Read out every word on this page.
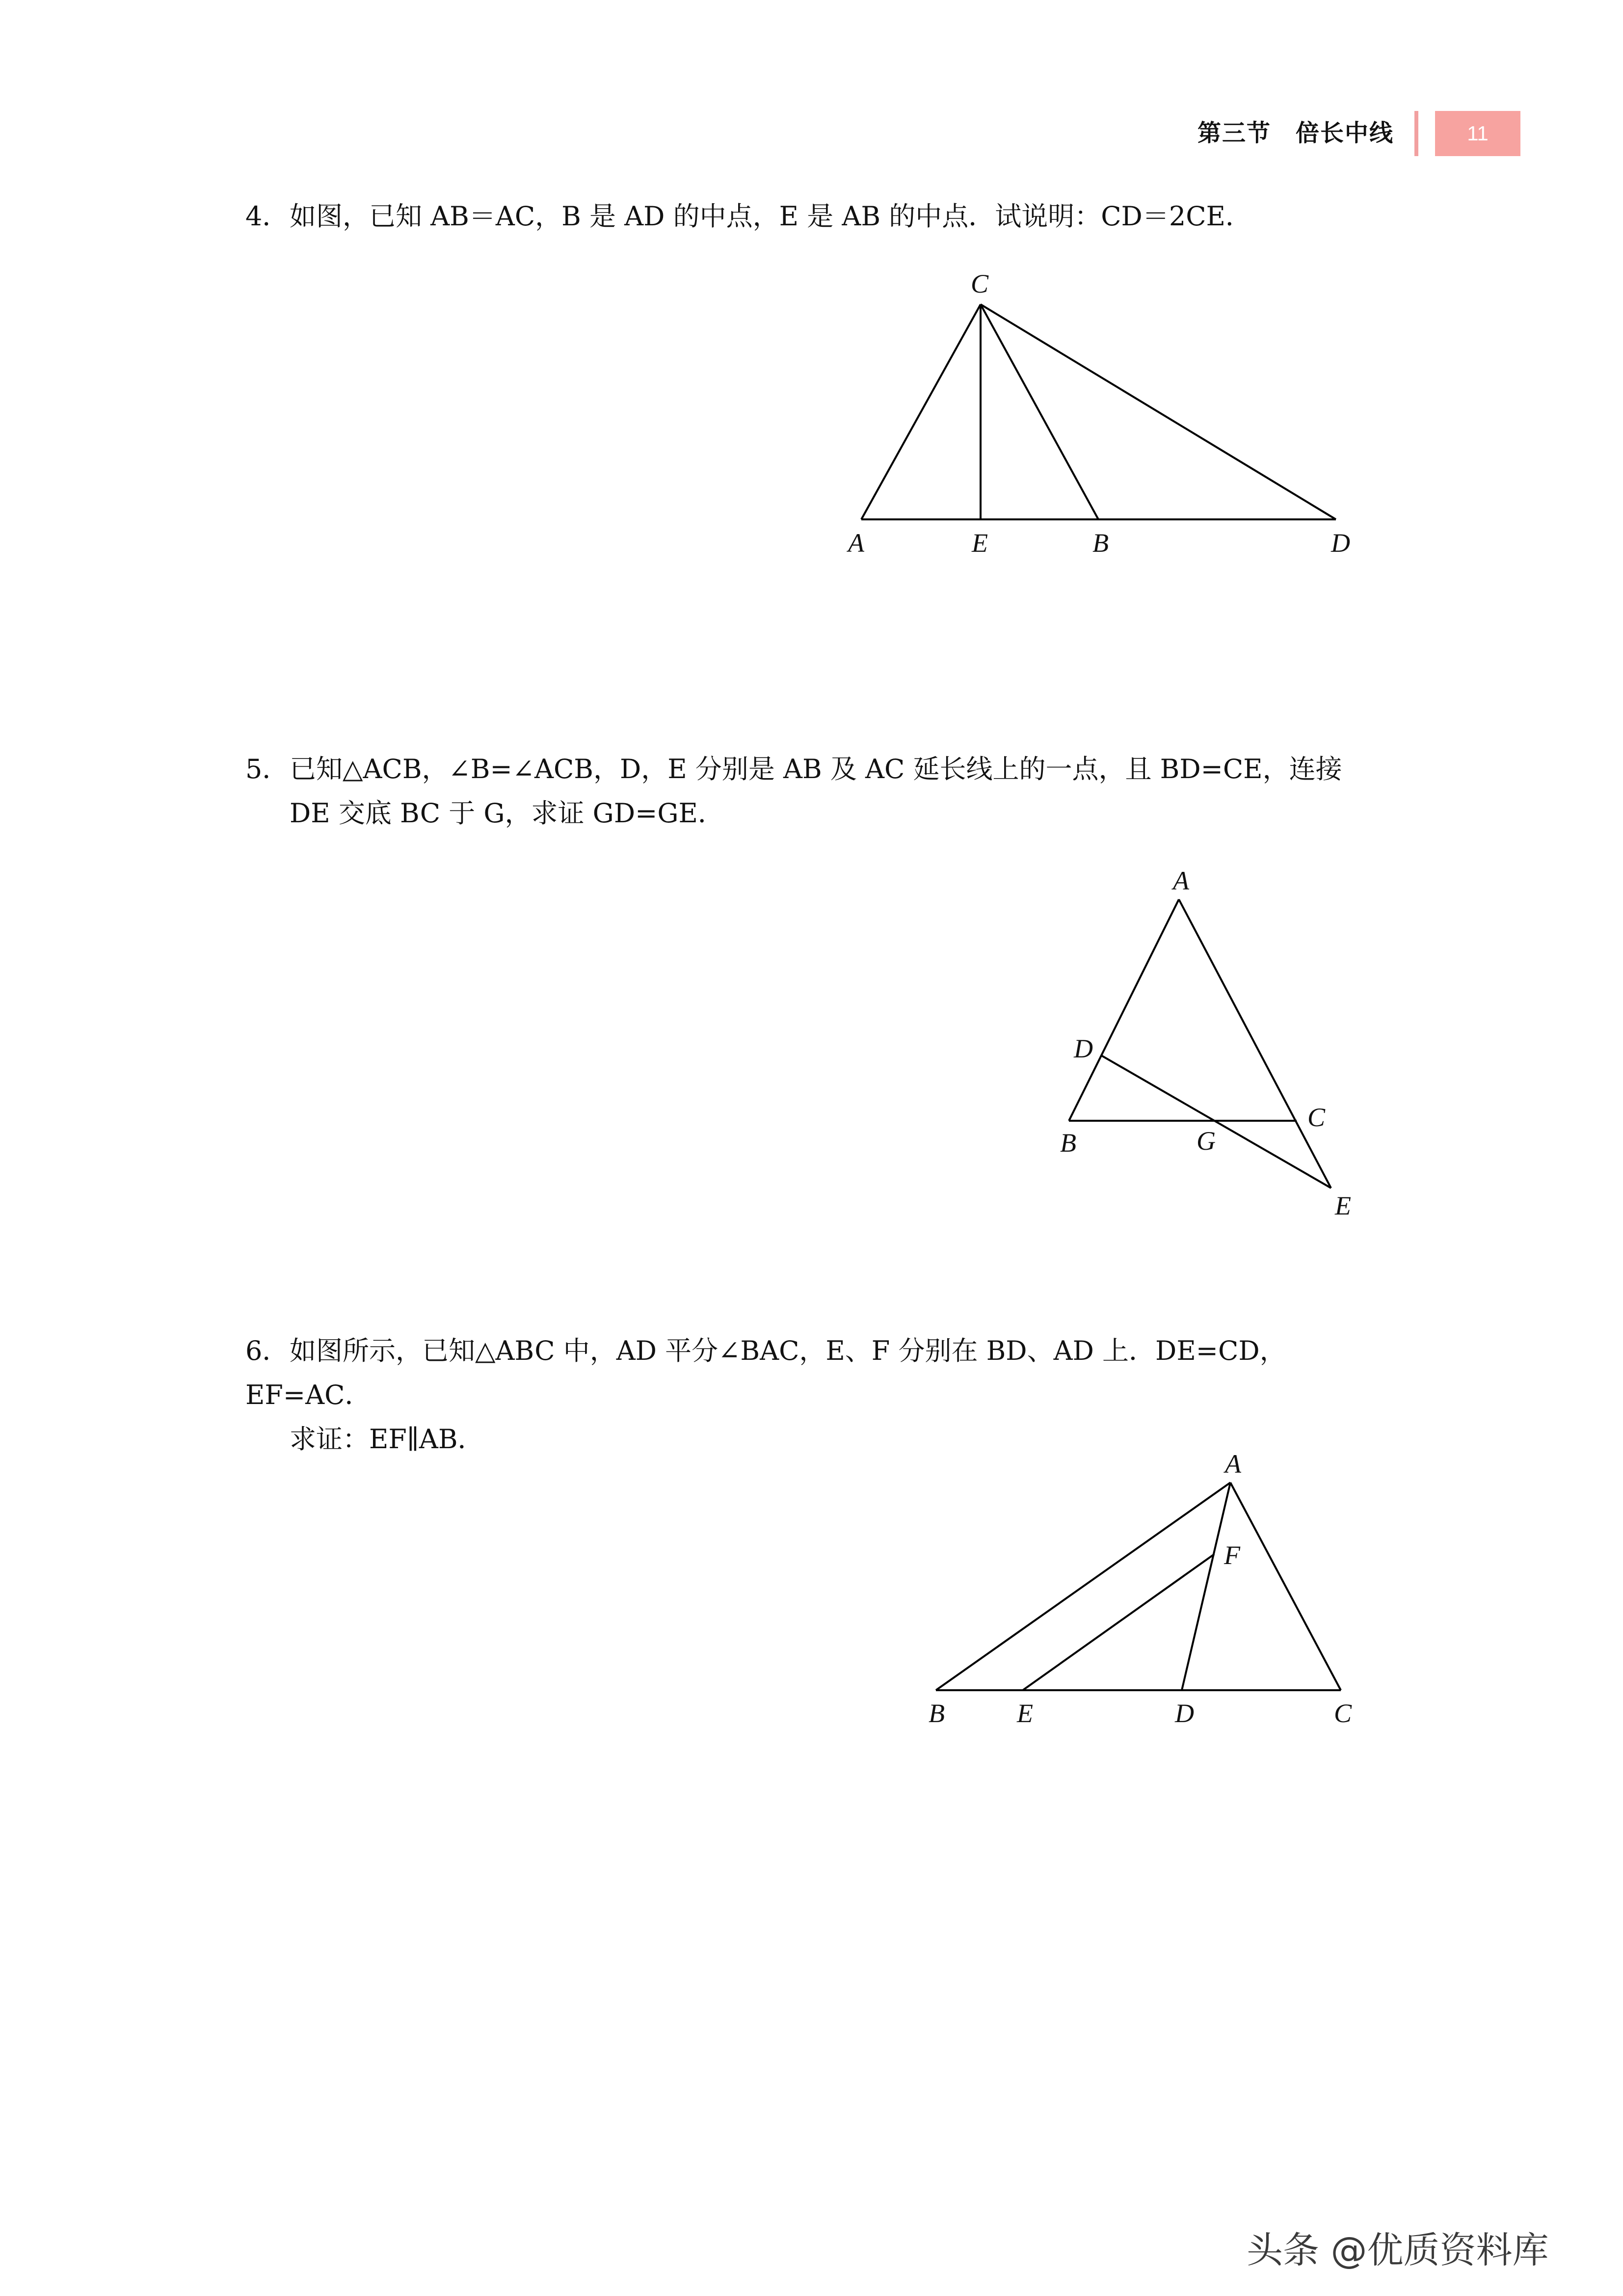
第三节  倍长中线	11
4．如图，已知 AB＝AC，B 是 AD 的中点，E 是 AB 的中点．试说明：CD＝2CE．
C
A	E	B	D
5．已知△ACB，∠B=∠ACB，D，E 分别是 AB 及 AC 延长线上的一点，且 BD=CE，连接
DE 交底 BC 于 G，求证 GD=GE．
A
D
B	G
C
E
6．如图所示，已知△ABC 中，AD 平分∠BAC，E、F 分别在 BD、AD 上．DE=CD，EF=AC．
求证：EF∥AB．
A
F
B	E	D	C
头条 @优质资料库
